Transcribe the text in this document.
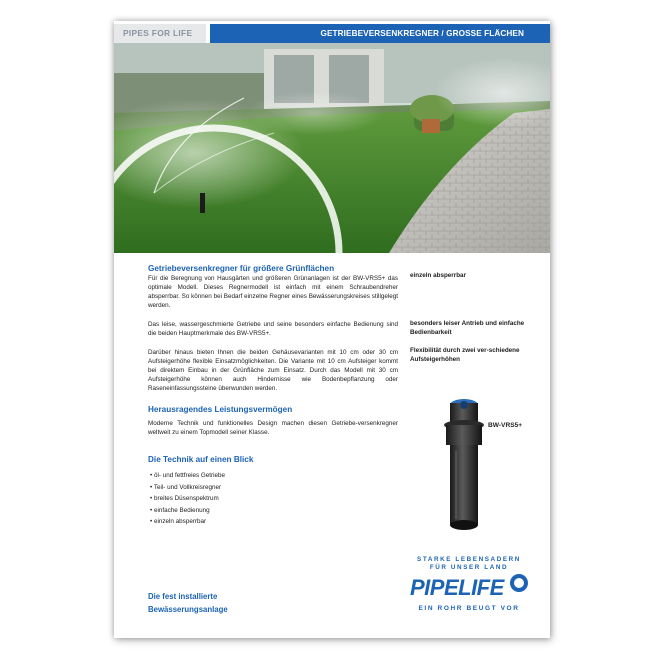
PIPES FOR LIFE	GETRIEBEVERSENKREGNER / GROSSE FLÄCHEN
Getriebeversenkregner für größere Grünflächen

Für die Beregnung von Hausgärten und größeren Grünanlagen ist der BW-VRS5+ das optimale Modell. Dieses Regnermodell ist einfach mit einem Schraubendreher absperrbar. So können bei Bedarf einzelne Regner eines Bewässerungskreises stillgelegt werden.

Das leise, wassergeschmierte Getriebe und seine besonders einfache Bedienung sind die beiden Hauptmerkmale des BW-VRS5+.

Darüber hinaus bieten Ihnen die beiden Gehäusevarianten mit 10 cm oder 30 cm Aufsteigerhöhe flexible Einsatzmöglichkeiten. Die Variante mit 10 cm Aufsteiger kommt bei direktem Einbau in der Grünfläche zum Einsatz. Durch das Modell mit 30 cm Aufsteigerhöhe können auch Hindernisse wie Bodenbepflanzung oder Raseneinfassungssteine überwunden werden.

Herausragendes Leistungsvermögen

Moderne Technik und funktionelles Design machen diesen Getriebe-versenkregner weltweit zu einem Topmodell seiner Klasse.

Die Technik auf einen Blick
• öl- und fettfreies Getriebe
• Teil- und Vollkreisregner
• breites Düsenspektrum
• einfache Bedienung
• einzeln absperrbar

einzeln absperrbar

besonders leiser Antrieb und einfache Bedienbarkeit

Flexibilität durch zwei ver-schiedene Aufsteigerhöhen

BW-VRS5+
STARKE LEBENSADERN
FÜR UNSER LAND
PIPELIFE
EIN ROHR BEUGT VOR
Die fest installierte
Bewässerungsanlage
